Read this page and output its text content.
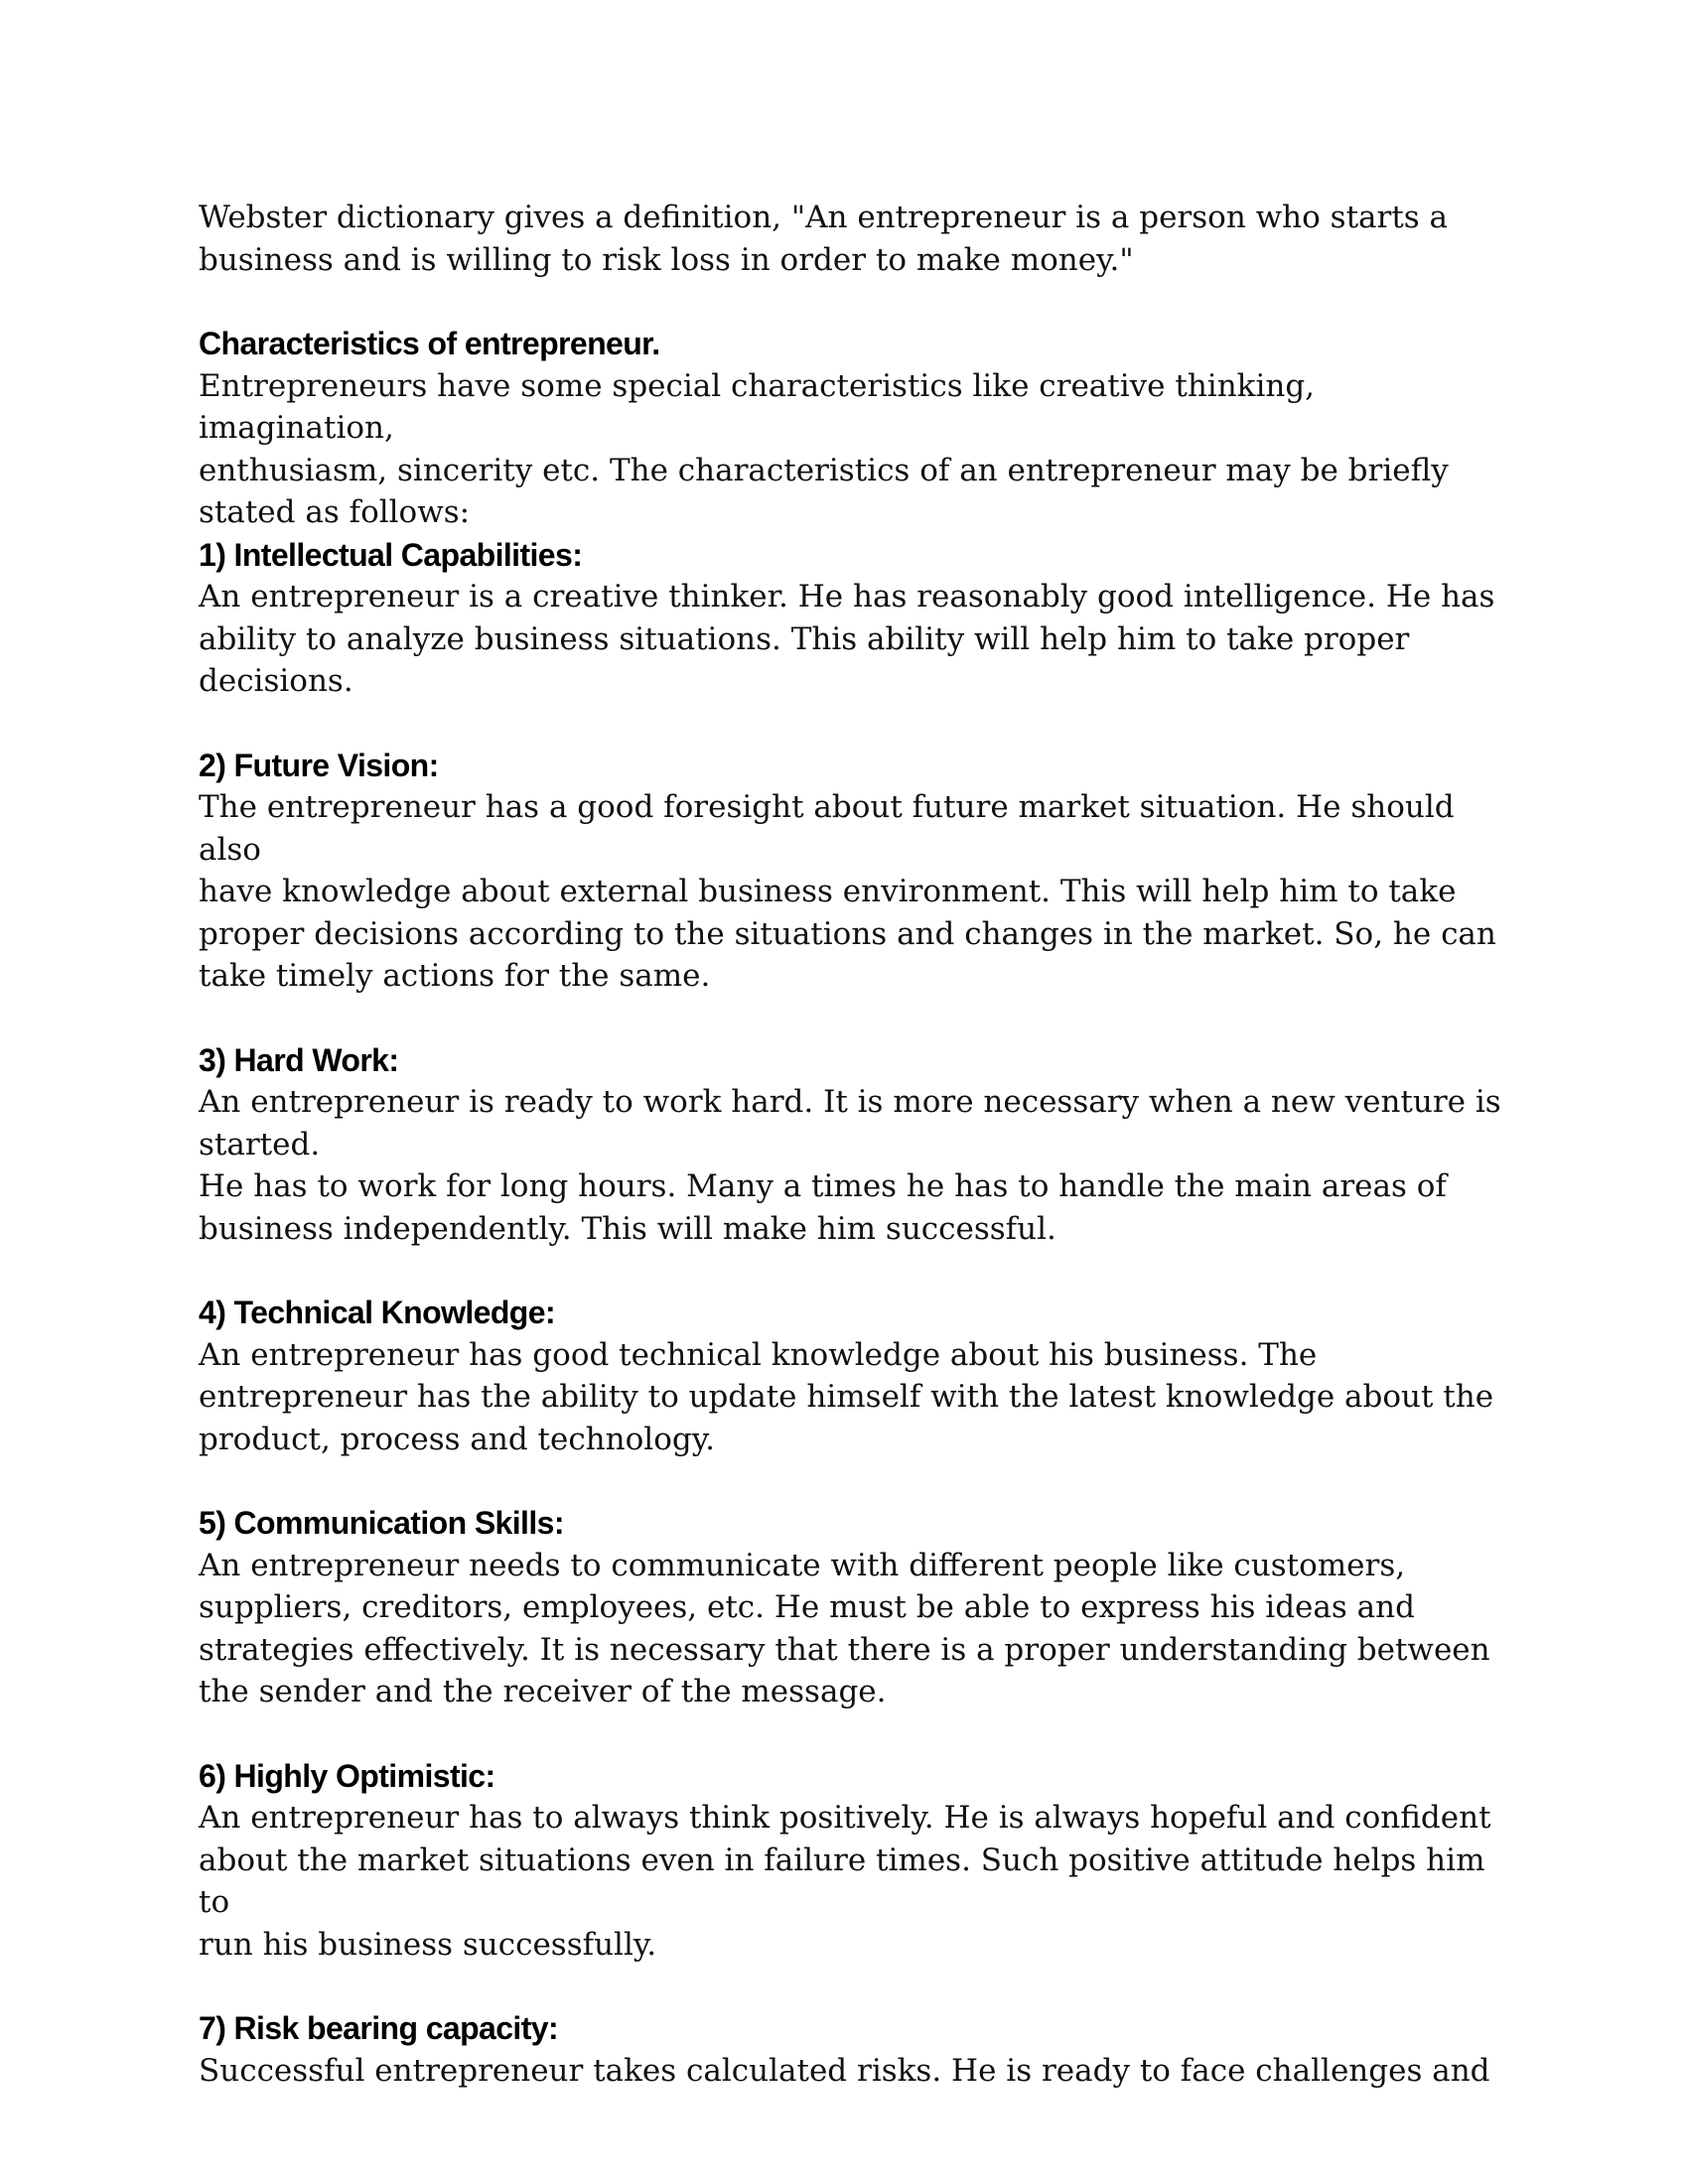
Webster dictionary gives a definition, "An entrepreneur is a person who starts a
business and is willing to risk loss in order to make money."

Characteristics of entrepreneur.

Entrepreneurs have some special characteristics like creative thinking, imagination,
enthusiasm, sincerity etc. The characteristics of an entrepreneur may be briefly
stated as follows:

1) Intellectual Capabilities:

An entrepreneur is a creative thinker. He has reasonably good intelligence. He has
ability to analyze business situations. This ability will help him to take proper
decisions.

2) Future Vision:

The entrepreneur has a good foresight about future market situation. He should also
have knowledge about external business environment. This will help him to take
proper decisions according to the situations and changes in the market. So, he can
take timely actions for the same.

3) Hard Work:

An entrepreneur is ready to work hard. It is more necessary when a new venture is
started.
He has to work for long hours. Many a times he has to handle the main areas of
business independently. This will make him successful.

4) Technical Knowledge:

An entrepreneur has good technical knowledge about his business. The
entrepreneur has the ability to update himself with the latest knowledge about the
product, process and technology.

5) Communication Skills:

An entrepreneur needs to communicate with different people like customers,
suppliers, creditors, employees, etc. He must be able to express his ideas and
strategies effectively. It is necessary that there is a proper understanding between
the sender and the receiver of the message.

6) Highly Optimistic:

An entrepreneur has to always think positively. He is always hopeful and confident
about the market situations even in failure times. Such positive attitude helps him to
run his business successfully.

7) Risk bearing capacity:

Successful entrepreneur takes calculated risks. He is ready to face challenges and
